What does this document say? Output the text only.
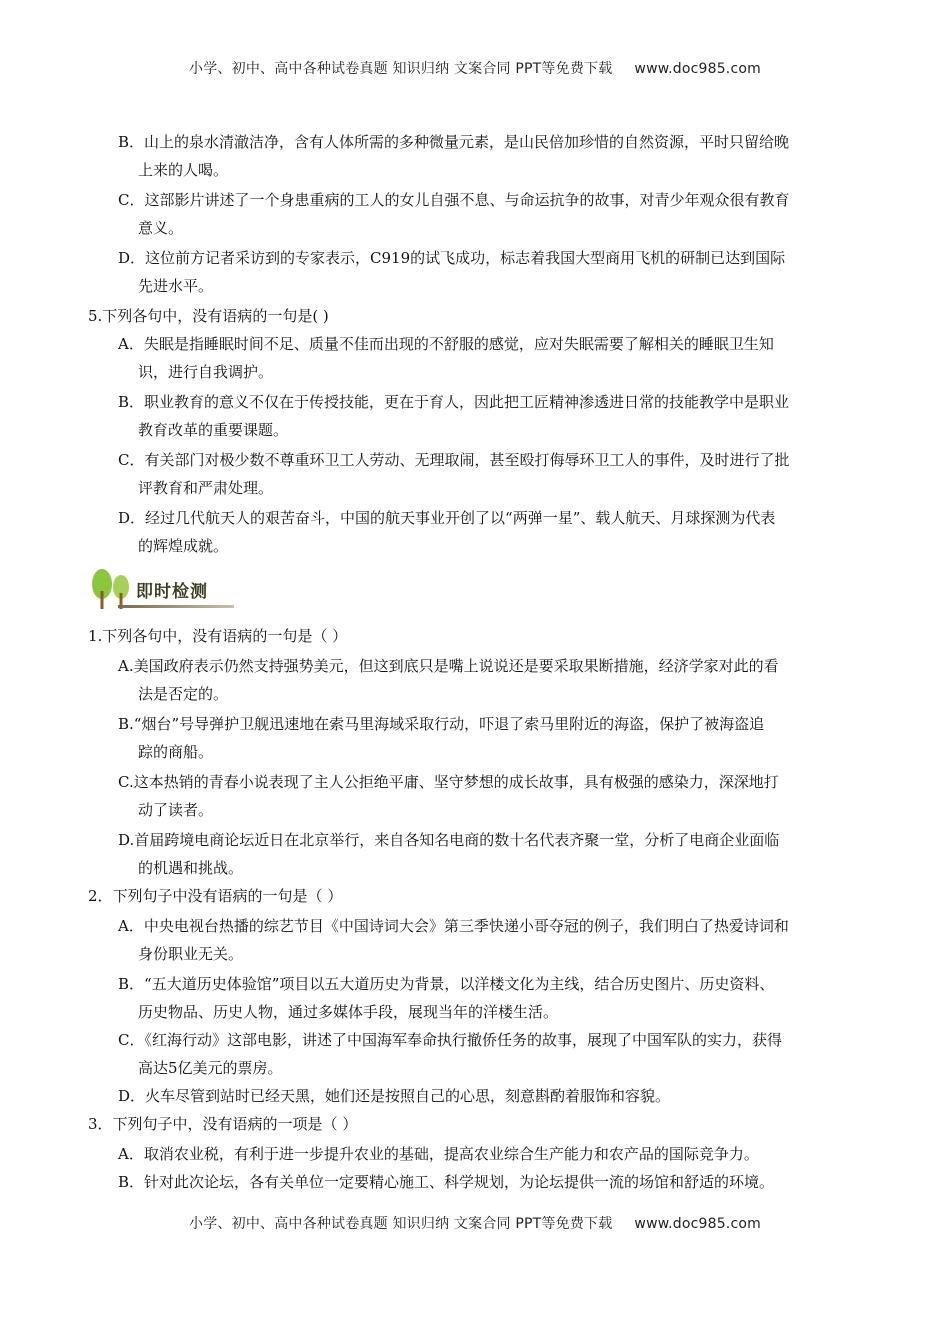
小学、初中、高中各种试卷真题 知识归纳 文案合同 PPT等免费下载 www.doc985.com
B．山上的泉水清澈洁净，含有人体所需的多种微量元素，是山民倍加珍惜的自然资源，平时只留给晚
上来的人喝。
C．这部影片讲述了一个身患重病的工人的女儿自强不息、与命运抗争的故事，对青少年观众很有教育
意义。
D．这位前方记者采访到的专家表示，C919的试飞成功，标志着我国大型商用飞机的研制已达到国际
先进水平。
5.下列各句中，没有语病的一句是( )
A．失眠是指睡眠时间不足、质量不佳而出现的不舒服的感觉，应对失眠需要了解相关的睡眠卫生知
识，进行自我调护。
B．职业教育的意义不仅在于传授技能，更在于育人，因此把工匠精神渗透进日常的技能教学中是职业
教育改革的重要课题。
C．有关部门对极少数不尊重环卫工人劳动、无理取闹，甚至殴打侮辱环卫工人的事件，及时进行了批
评教育和严肃处理。
D．经过几代航天人的艰苦奋斗，中国的航天事业开创了以“两弹一星”、载人航天、月球探测为代表
的辉煌成就。
即时检测
1.下列各句中，没有语病的一句是（ ）
A.美国政府表示仍然支持强势美元，但这到底只是嘴上说说还是要采取果断措施，经济学家对此的看
法是否定的。
B.“烟台”号导弹护卫舰迅速地在索马里海域采取行动，吓退了索马里附近的海盗，保护了被海盗追
踪的商船。
C.这本热销的青春小说表现了主人公拒绝平庸、坚守梦想的成长故事，具有极强的感染力，深深地打
动了读者。
D.首届跨境电商论坛近日在北京举行，来自各知名电商的数十名代表齐聚一堂，分析了电商企业面临
的机遇和挑战。
2．下列句子中没有语病的一句是（ ）
A．中央电视台热播的综艺节目《中国诗词大会》第三季快递小哥夺冠的例子，我们明白了热爱诗词和
身份职业无关。
B．“五大道历史体验馆”项目以五大道历史为背景，以洋楼文化为主线，结合历史图片、历史资料、
历史物品、历史人物，通过多媒体手段，展现当年的洋楼生活。
C．《红海行动》这部电影，讲述了中国海军奉命执行撤侨任务的故事，展现了中国军队的实力，获得
高达5亿美元的票房。
D．火车尽管到站时已经天黑，她们还是按照自己的心思，刻意斟酌着服饰和容貌。
3．下列句子中，没有语病的一项是（ ）
A．取消农业税，有利于进一步提升农业的基础，提高农业综合生产能力和农产品的国际竞争力。
B．针对此次论坛，各有关单位一定要精心施工、科学规划，为论坛提供一流的场馆和舒适的环境。
小学、初中、高中各种试卷真题 知识归纳 文案合同 PPT等免费下载 www.doc985.com
